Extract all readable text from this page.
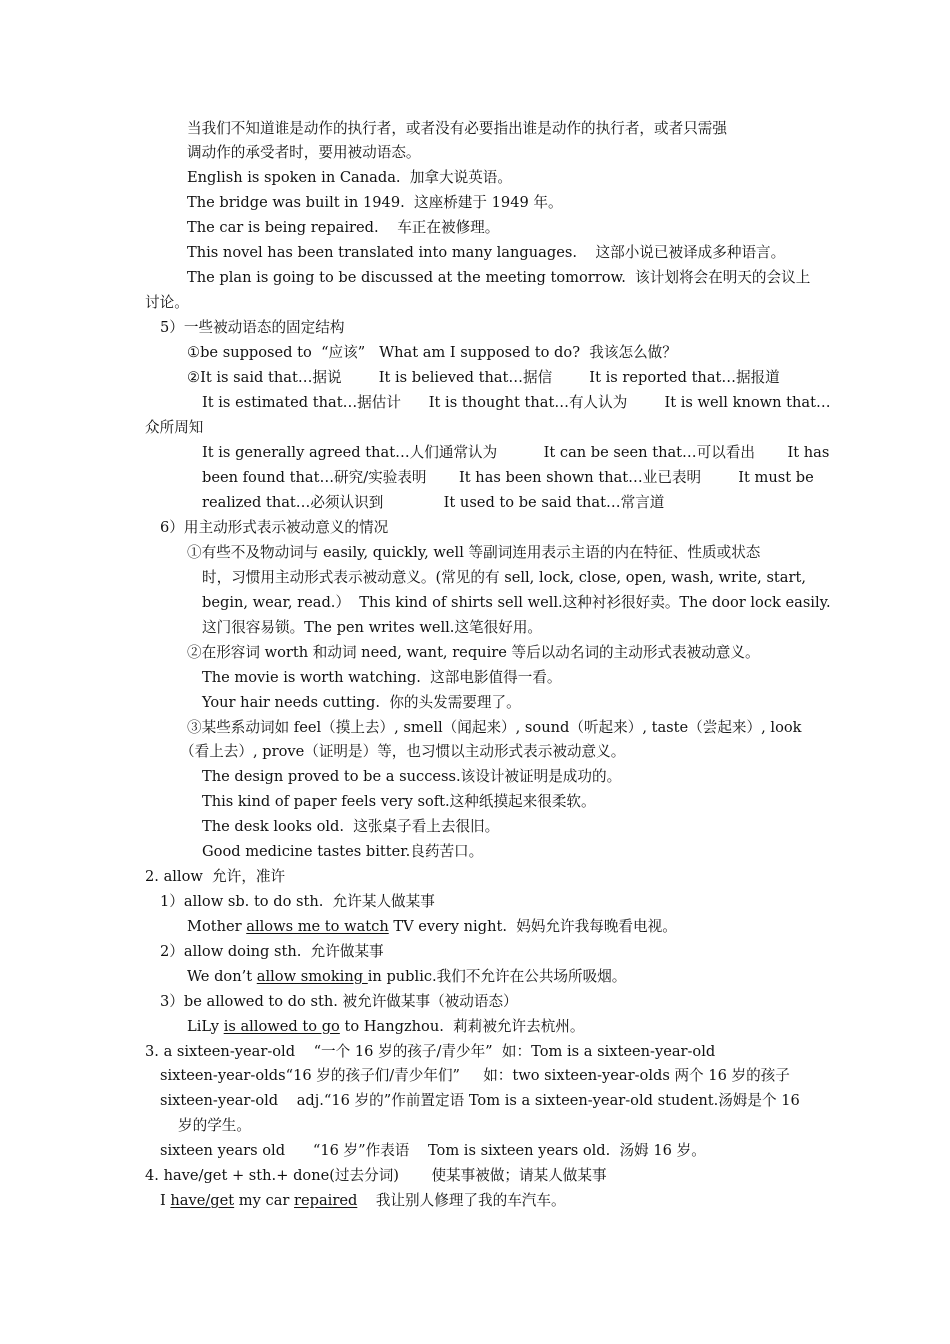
当我们不知道谁是动作的执行者，或者没有必要指出谁是动作的执行者，或者只需强
调动作的承受者时，要用被动语态。
English is spoken in Canada.  加拿大说英语。
The bridge was built in 1949.  这座桥建于 1949 年。
The car is being repaired.    车正在被修理。
This novel has been translated into many languages.    这部小说已被译成多种语言。
The plan is going to be discussed at the meeting tomorrow.  该计划将会在明天的会议上
讨论。
5）一些被动语态的固定结构
①be supposed to  “应该”   What am I supposed to do?  我该怎么做？
②It is said that…据说        It is believed that…据信        It is reported that…据报道
It is estimated that…据估计      It is thought that…有人认为        It is well known that…
众所周知
It is generally agreed that…人们通常认为          It can be seen that…可以看出       It has
been found that…研究/实验表明       It has been shown that…业已表明        It must be
realized that…必须认识到             It used to be said that…常言道
6）用主动形式表示被动意义的情况
①有些不及物动词与 easily, quickly, well 等副词连用表示主语的内在特征、性质或状态
时，习惯用主动形式表示被动意义。(常见的有 sell, lock, close, open, wash, write, start,
begin, wear, read.）  This kind of shirts sell well.这种衬衫很好卖。The door lock easily.
这门很容易锁。The pen writes well.这笔很好用。
②在形容词 worth 和动词 need, want, require 等后以动名词的主动形式表被动意义。
The movie is worth watching.  这部电影值得一看。
Your hair needs cutting.  你的头发需要理了。
③某些系动词如 feel（摸上去）, smell（闻起来）, sound（听起来）, taste（尝起来）, look
（看上去）, prove（证明是）等，也习惯以主动形式表示被动意义。
The design proved to be a success.该设计被证明是成功的。
This kind of paper feels very soft.这种纸摸起来很柔软。
The desk looks old.  这张桌子看上去很旧。
Good medicine tastes bitter.良药苦口。
2. allow  允许，准许
1）allow sb. to do sth.  允许某人做某事
Mother allows me to watch TV every night.  妈妈允许我每晚看电视。
2）allow doing sth.  允许做某事
We don’t allow smoking in public.我们不允许在公共场所吸烟。
3）be allowed to do sth. 被允许做某事（被动语态）
LiLy is allowed to go to Hangzhou.  莉莉被允许去杭州。
3. a sixteen-year-old    “一个 16 岁的孩子/青少年”  如：Tom is a sixteen-year-old
sixteen-year-olds“16 岁的孩子们/青少年们”     如：two sixteen-year-olds 两个 16 岁的孩子
sixteen-year-old    adj.“16 岁的”作前置定语 Tom is a sixteen-year-old student.汤姆是个 16
岁的学生。
sixteen years old      “16 岁”作表语    Tom is sixteen years old.  汤姆 16 岁。
4. have/get + sth.+ done(过去分词)       使某事被做；请某人做某事
I have/get my car repaired    我让别人修理了我的车汽车。
